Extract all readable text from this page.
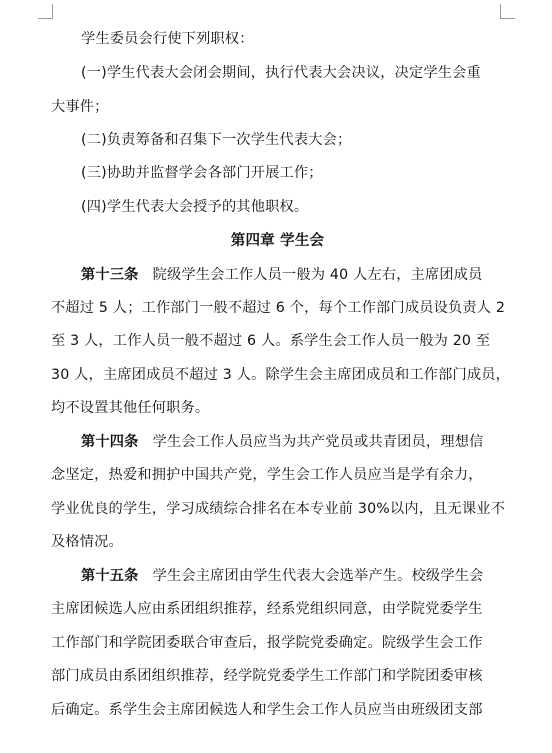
学生委员会行使下列职权：
(一)学生代表大会闭会期间，执行代表大会决议，决定学生会重
大事件；
(二)负责筹备和召集下一次学生代表大会；
(三)协助并监督学会各部门开展工作；
(四)学生代表大会授予的其他职权。
第四章 学生会
第十三条 院级学生会工作人员一般为 40 人左右，主席团成员
不超过 5 人；工作部门一般不超过 6 个，每个工作部门成员设负责人 2
至 3 人，工作人员一般不超过 6 人。系学生会工作人员一般为 20 至
30 人，主席团成员不超过 3 人。除学生会主席团成员和工作部门成员，
均不设置其他任何职务。
第十四条 学生会工作人员应当为共产党员或共青团员，理想信
念坚定，热爱和拥护中国共产党，学生会工作人员应当是学有余力，
学业优良的学生，学习成绩综合排名在本专业前 30%以内，且无课业不
及格情况。
第十五条 学生会主席团由学生代表大会选举产生。校级学生会
主席团候选人应由系团组织推荐，经系党组织同意，由学院党委学生
工作部门和学院团委联合审查后，报学院党委确定。院级学生会工作
部门成员由系团组织推荐，经学院党委学生工作部门和学院团委审核
后确定。系学生会主席团候选人和学生会工作人员应当由班级团支部
